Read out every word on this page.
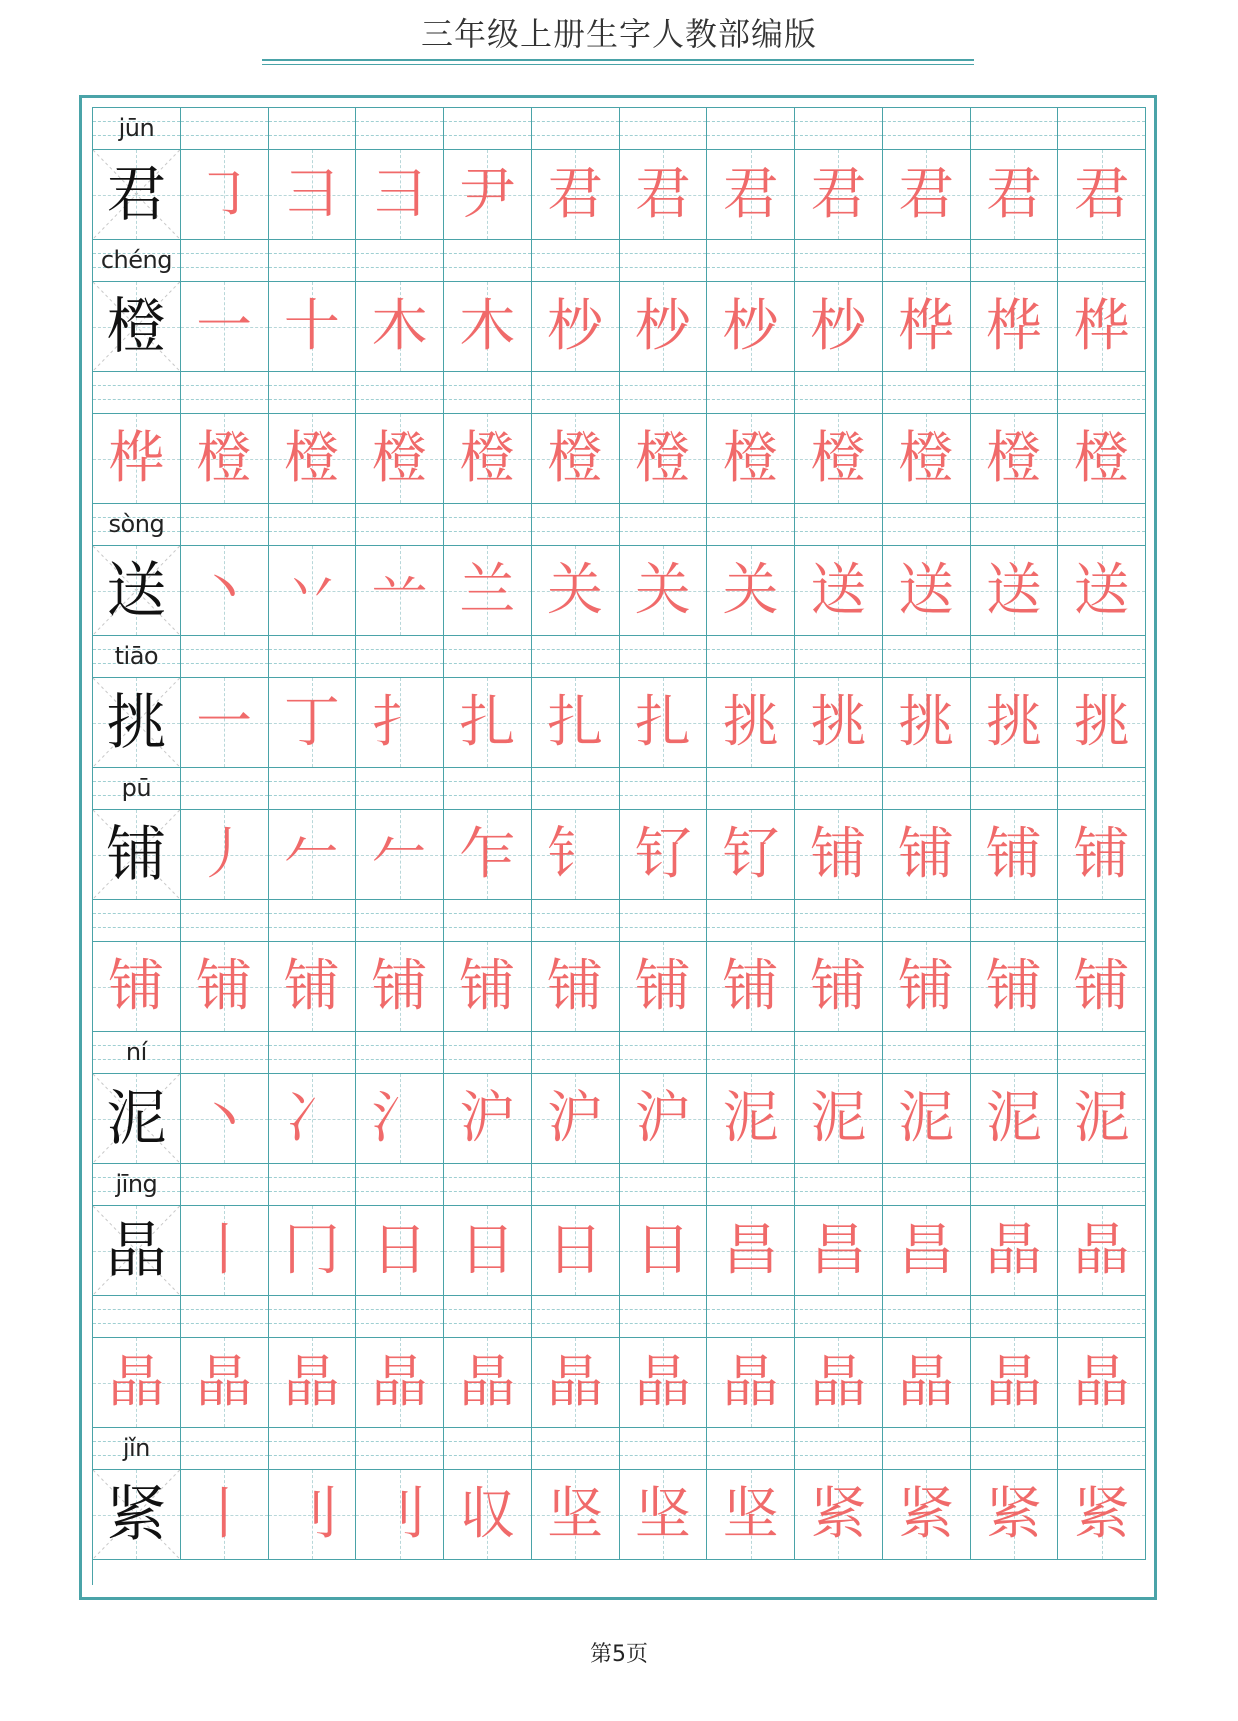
三年级上册生字人教部编版
jūn
君 ㇆ ⺕ ⺕ 尹 君 君 君 君 君 君 君
chéng
橙 一 十 木 木 杪 杪 杪 杪 桦 桦 桦
桦 橙 橙 橙 橙 橙 橙 橙 橙 橙 橙 橙
sòng
送 丶 丷 䒑 兰 关 关 关 送 送 送 送
tiāo
挑 一 丁 扌 扎 扎 扎 挑 挑 挑 挑 挑
pū
铺 丿 𠂉 𠂉 乍 钅 钌 钌 铺 铺 铺 铺
铺 铺 铺 铺 铺 铺 铺 铺 铺 铺 铺 铺
ní
泥 丶 冫 氵 沪 沪 沪 泥 泥 泥 泥 泥
jīng
晶 丨 冂 日 日 日 日 昌 昌 昌 晶 晶
晶 晶 晶 晶 晶 晶 晶 晶 晶 晶 晶 晶
jǐn
紧 丨 刂 刂 収 坚 坚 坚 紧 紧 紧 紧
第5页
